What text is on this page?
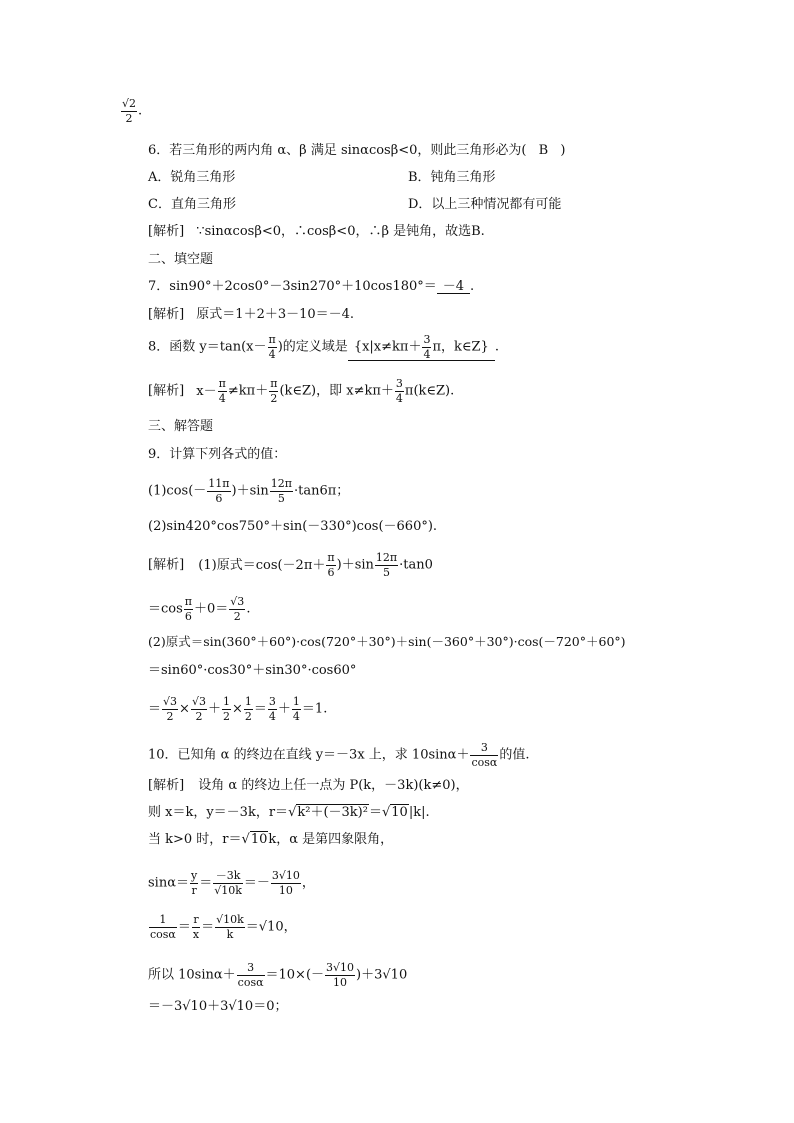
$\frac{√2}{2}$ .
6．若三角形的两内角 α、β 满足 sinαcosβ<0，则此三角形必为( B )
A．锐角三角形	B．钝角三角形
C．直角三角形	D．以上三种情况都有可能
[解析] ∵sinαcosβ<0，∴cosβ<0，∴β 是钝角，故选B.
二、填空题
7．sin90°＋2cos0°－3sin270°＋10cos180°＝ －4 .
[解析] 原式＝1＋2＋3－10＝－4.
8．函数 $y=\tan(x- \frac{\pi}{4}$ )的定义域是 {$x|x\ne k\pi+ \frac{3}{4}$ π，k∈Z} .
[解析] $x- \frac{\pi}{4} \ne k\pi+ \frac{\pi}{2}$ (k∈Z)，即 $x\ne k\pi+ \frac{3}{4}$ π(k∈Z).
三、解答题
9．计算下列各式的值：
$(1)\cos(- \frac{11\pi}{6} )+\sin \frac{12\pi}{5} \cdot\tan 6\pi$；
(2)sin420°cos750°＋sin(－330°)cos(－660°).
[解析] (1)原式$=\cos(-2\pi+ \frac{\pi}{6} )+\sin \frac{12\pi}{5} \cdot\tan 0$
$=\cos \frac{\pi}{6} +0= \frac{√3}{2}$ .
(2)原式＝sin(360°＋60°)·cos(720°＋30°)＋sin(－360°＋30°)·cos(－720°＋60°)
＝sin60°·cos30°＋sin30°·cos60°
＝ $\frac{√3}{2} \times \frac{√3}{2} + \frac{1}{2} \times \frac{1}{2} = \frac{3}{4} + \frac{1}{4} =1$.
10．已知角 α 的终边在直线 y＝－3x 上，求 $10\sin\alpha+ \frac{3}{\cos\alpha}$ 的值.
[解析] 设角 α 的终边上任一点为 P(k，－3k)(k≠0)，
则 x＝k，y＝－3k，r＝√k²＋(－3k)²＝√10|k|.
当 k>0 时，r＝√10k，α 是第四象限角，
$\sin\alpha= \frac{y}{r} = \frac{-3k}{√10k} =- \frac{3√10}{10}$ ，
$\frac{1}{\cos\alpha} = \frac{r}{x} = \frac{√10k}{k} =√10$，
所以 $10\sin\alpha+ \frac{3}{\cos\alpha} =10\times(- \frac{3√10}{10} )+3√10$
＝－3√10＋3√10＝0；
